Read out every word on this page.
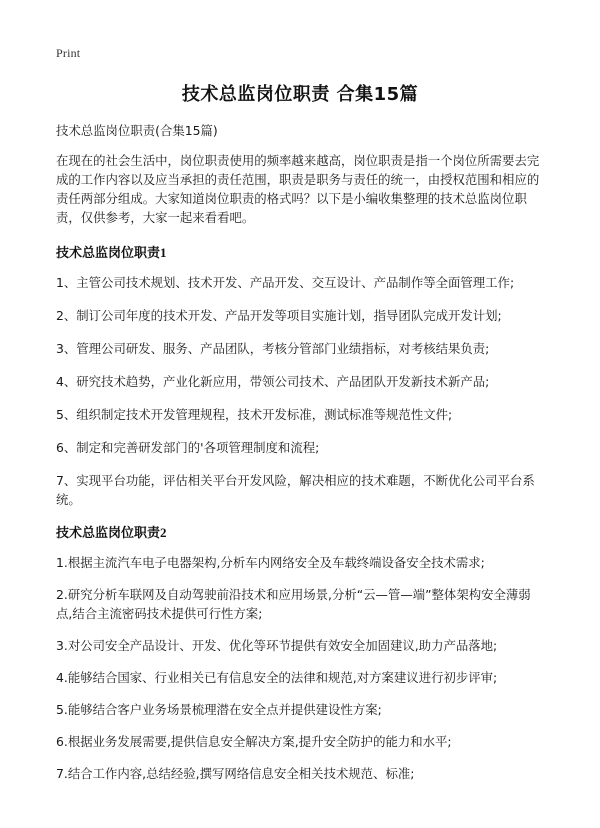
Print
技术总监岗位职责 合集15篇

技术总监岗位职责(合集15篇)

在现在的社会生活中，岗位职责使用的频率越来越高，岗位职责是指一个岗位所需要去完成的工作内容以及应当承担的责任范围，职责是职务与责任的统一，由授权范围和相应的责任两部分组成。大家知道岗位职责的格式吗？以下是小编收集整理的技术总监岗位职责，仅供参考，大家一起来看看吧。

技术总监岗位职责1

1、主管公司技术规划、技术开发、产品开发、交互设计、产品制作等全面管理工作;

2、制订公司年度的技术开发、产品开发等项目实施计划，指导团队完成开发计划;

3、管理公司研发、服务、产品团队，考核分管部门业绩指标，对考核结果负责;

4、研究技术趋势，产业化新应用，带领公司技术、产品团队开发新技术新产品;

5、组织制定技术开发管理规程，技术开发标准，测试标准等规范性文件;

6、制定和完善研发部门的'各项管理制度和流程;

7、实现平台功能，评估相关平台开发风险，解决相应的技术难题，不断优化公司平台系统。

技术总监岗位职责2

1.根据主流汽车电子电器架构,分析车内网络安全及车载终端设备安全技术需求;

2.研究分析车联网及自动驾驶前沿技术和应用场景,分析“云—管—端”整体架构安全薄弱点,结合主流密码技术提供可行性方案;

3.对公司安全产品设计、开发、优化等环节提供有效安全加固建议,助力产品落地;

4.能够结合国家、行业相关已有信息安全的法律和规范,对方案建议进行初步评审;

5.能够结合客户业务场景梳理潜在安全点并提供建设性方案;

6.根据业务发展需要,提供信息安全解决方案,提升安全防护的能力和水平;

7.结合工作内容,总结经验,撰写网络信息安全相关技术规范、标准;
